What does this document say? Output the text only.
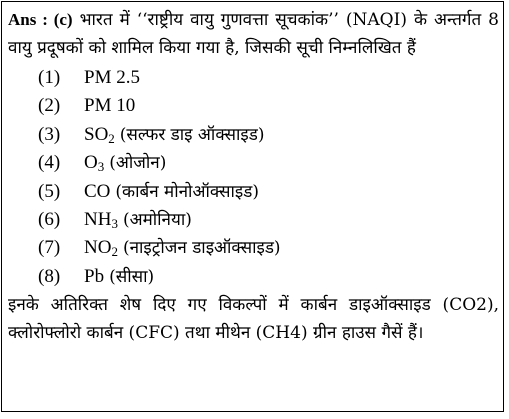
Ans : (c) भारत में ‘‘राष्ट्रीय वायु गुणवत्ता सूचकांक’’ (NAQI) के अन्तर्गत 8 वायु प्रदूषकों को शामिल किया गया है, जिसकी सूची निम्नलिखित हैं

(1)	PM 2.5
(2)	PM 10
(3)	$SO_2$ (सल्फर डाइ ऑक्साइड)
(4)	$O_3$ (ओजोन)
(5)	CO (कार्बन मोनोऑक्साइड)
(6)	$NH_3$ (अमोनिया)
(7)	$NO_2$ (नाइट्रोजन डाइऑक्साइड)
(8)	Pb (सीसा)

इनके अतिरिक्त शेष दिए गए विकल्पों में कार्बन डाइऑक्साइड (CO2), क्लोरोफ्लोरो कार्बन (CFC) तथा मीथेन (CH4) ग्रीन हाउस गैसें हैं।
